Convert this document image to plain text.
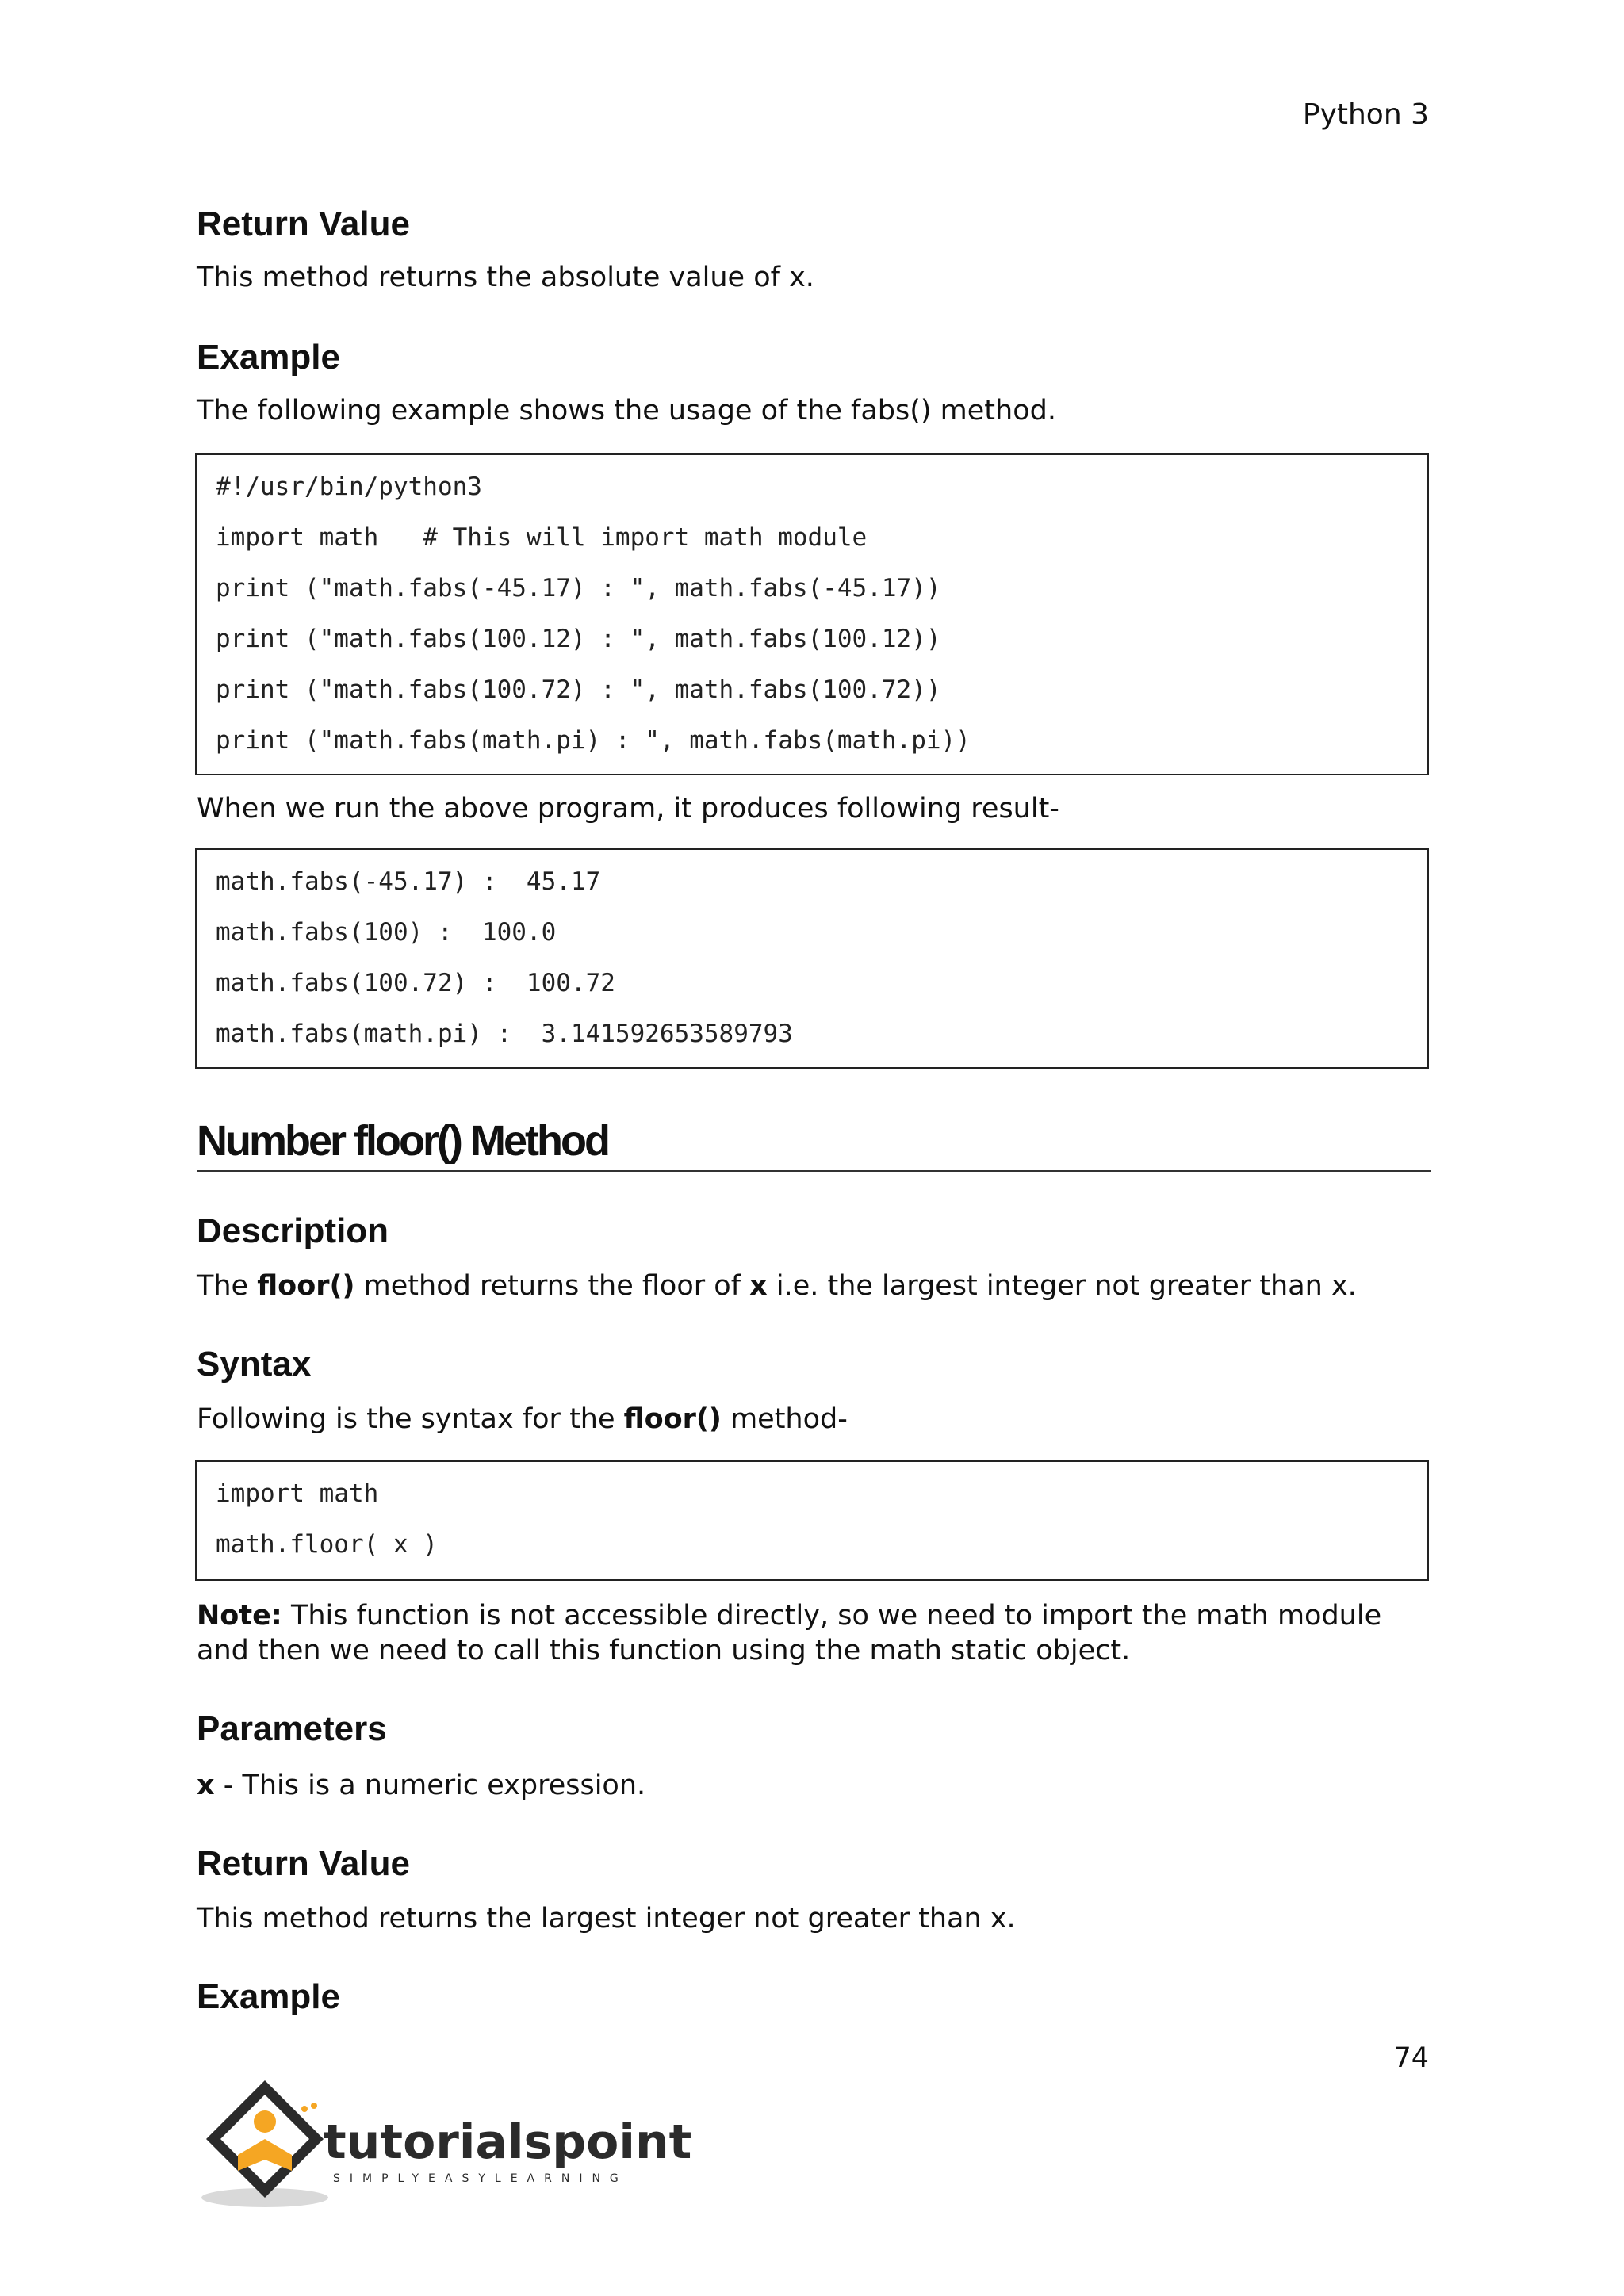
Python 3
Return Value
This method returns the absolute value of x.
Example
The following example shows the usage of the fabs() method.
#!/usr/bin/python3
import math   # This will import math module
print ("math.fabs(-45.17) : ", math.fabs(-45.17))
print ("math.fabs(100.12) : ", math.fabs(100.12))
print ("math.fabs(100.72) : ", math.fabs(100.72))
print ("math.fabs(math.pi) : ", math.fabs(math.pi))
When we run the above program, it produces following result-
math.fabs(-45.17) :  45.17
math.fabs(100) :  100.0
math.fabs(100.72) :  100.72
math.fabs(math.pi) :  3.141592653589793
Number floor() Method
Description
The floor() method returns the floor of x i.e. the largest integer not greater than x.
Syntax
Following is the syntax for the floor() method-
import math
math.floor( x )
Note: This function is not accessible directly, so we need to import the math module and then we need to call this function using the math static object.
Parameters
x - This is a numeric expression.
Return Value
This method returns the largest integer not greater than x.
Example
74
tutorialspoint
SIMPLYEASYLEARNING
